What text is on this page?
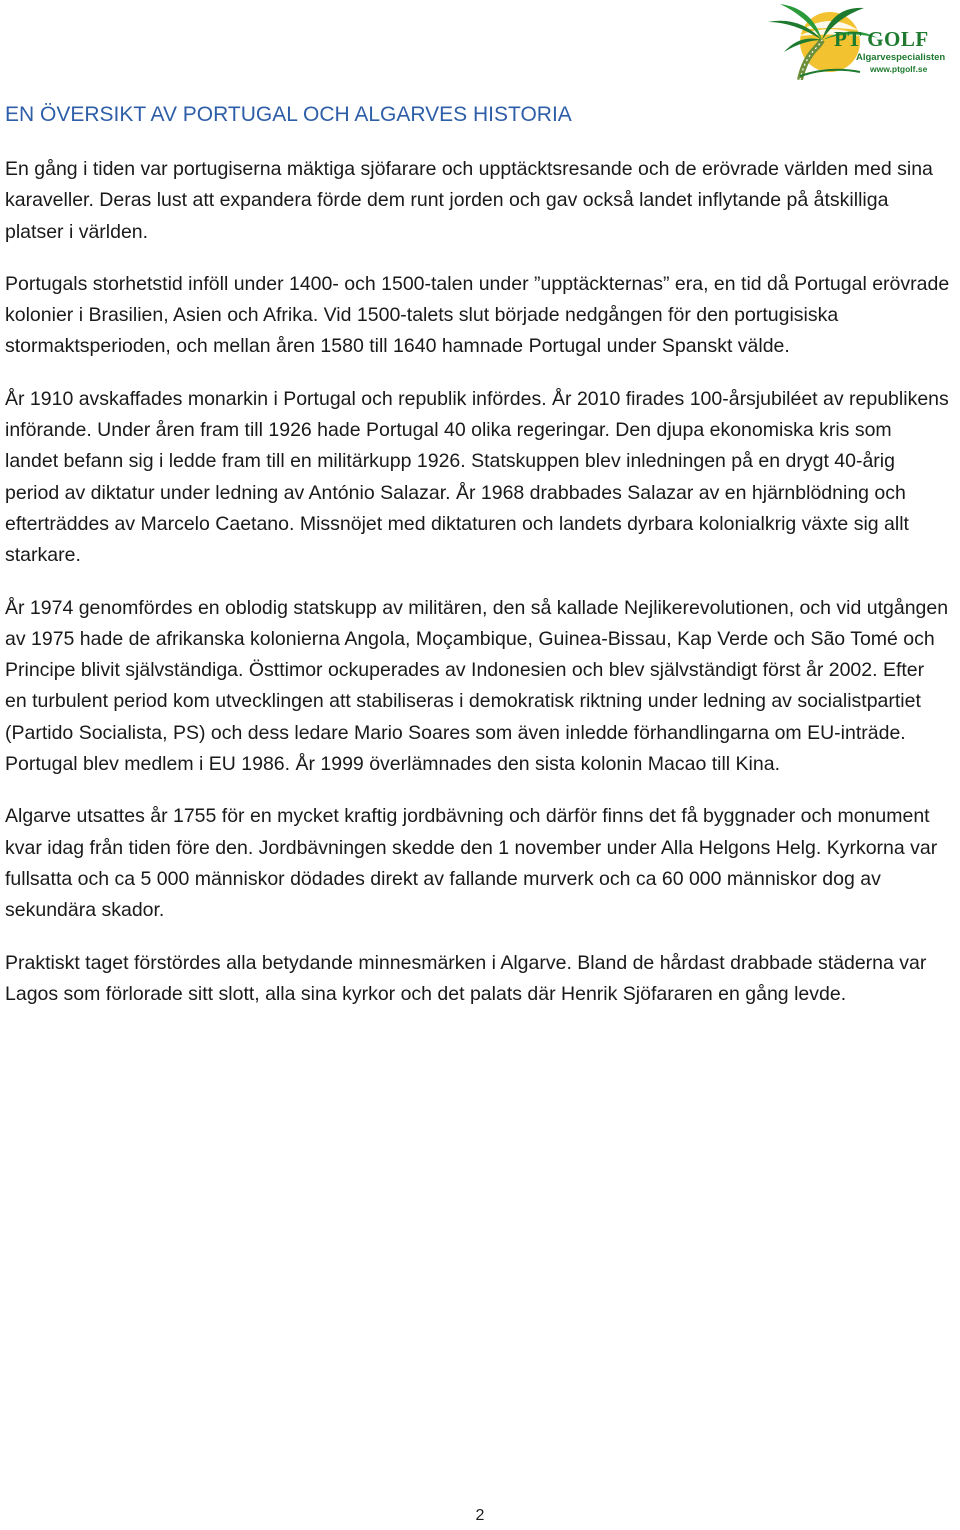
PT GOLF
Algarvespecialisten
www.ptgolf.se
EN ÖVERSIKT AV PORTUGAL OCH ALGARVES HISTORIA

En gång i tiden var portugiserna mäktiga sjöfarare och upptäcktsresande och de erövrade världen med sina karaveller. Deras lust att expandera förde dem runt jorden och gav också landet inflytande på åtskilliga platser i världen.

Portugals storhetstid inföll under 1400- och 1500-talen under ”upptäckternas” era, en tid då Portugal erövrade kolonier i Brasilien, Asien och Afrika. Vid 1500-talets slut började nedgången för den portugisiska stormaktsperioden, och mellan åren 1580 till 1640 hamnade Portugal under Spanskt välde.

År 1910 avskaffades monarkin i Portugal och republik infördes. År 2010 firades 100-årsjubiléet av republikens införande. Under åren fram till 1926 hade Portugal 40 olika regeringar. Den djupa ekonomiska kris som landet befann sig i ledde fram till en militärkupp 1926. Statskuppen blev inledningen på en drygt 40-årig period av diktatur under ledning av António Salazar. År 1968 drabbades Salazar av en hjärnblödning och efterträddes av Marcelo Caetano. Missnöjet med diktaturen och landets dyrbara kolonialkrig växte sig allt starkare.

År 1974 genomfördes en oblodig statskupp av militären, den så kallade Nejlikerevolutionen, och vid utgången av 1975 hade de afrikanska kolonierna Angola, Moçambique, Guinea-Bissau, Kap Verde och São Tomé och Principe blivit självständiga. Östtimor ockuperades av Indonesien och blev självständigt först år 2002. Efter en turbulent period kom utvecklingen att stabiliseras i demokratisk riktning under ledning av socialistpartiet (Partido Socialista, PS) och dess ledare Mario Soares som även inledde förhandlingarna om EU-inträde. Portugal blev medlem i EU 1986. År 1999 överlämnades den sista kolonin Macao till Kina.

Algarve utsattes år 1755 för en mycket kraftig jordbävning och därför finns det få byggnader och monument kvar idag från tiden före den. Jordbävningen skedde den 1 november under Alla Helgons Helg. Kyrkorna var fullsatta och ca 5 000 människor dödades direkt av fallande murverk och ca 60 000 människor dog av sekundära skador.

Praktiskt taget förstördes alla betydande minnesmärken i Algarve. Bland de hårdast drabbade städerna var Lagos som förlorade sitt slott, alla sina kyrkor och det palats där Henrik Sjöfararen en gång levde.

2
